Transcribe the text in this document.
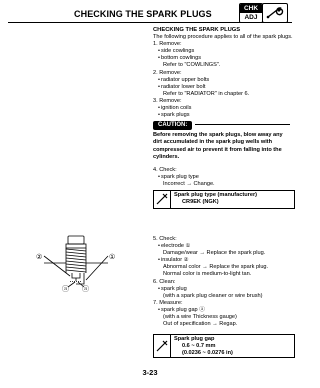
CHECKING THE SPARK PLUGS
CHK
ADJ

CHECKING THE SPARK PLUGS

The following procedure applies to all of the spark plugs.

1. Remove:

• side cowlings

• bottom cowlings

Refer to "COWLINGS".

2. Remove:

• radiator upper bolts

• radiator lower bolt

Refer to "RADIATOR" in chapter 6.

3. Remove:

• ignition coils

• spark plugs

CAUTION:

Before removing the spark plugs, blow away any dirt accumulated in the spark plug wells with compressed air to prevent it from falling into the cylinders.

4. Check:

• spark plug type

Incorrect → Change.

Spark plug type (manufacturer)
CR9EK (NGK)

5. Check:

• electrode ①

Damage/wear → Replace the spark plug.

• insulator ②

Abnormal color → Replace the spark plug.

Normal color is medium-to-light tan.

6. Clean:

• spark plug

(with a spark plug cleaner or wire brush)

7. Measure:

• spark plug gap ⓐ

(with a wire Thickness gauge)

Out of specification → Regap.

Spark plug gap
0.6 ~ 0.7 mm
(0.0236 ~ 0.0276 in)
②	①
ⓐ ⓐ
3-23
